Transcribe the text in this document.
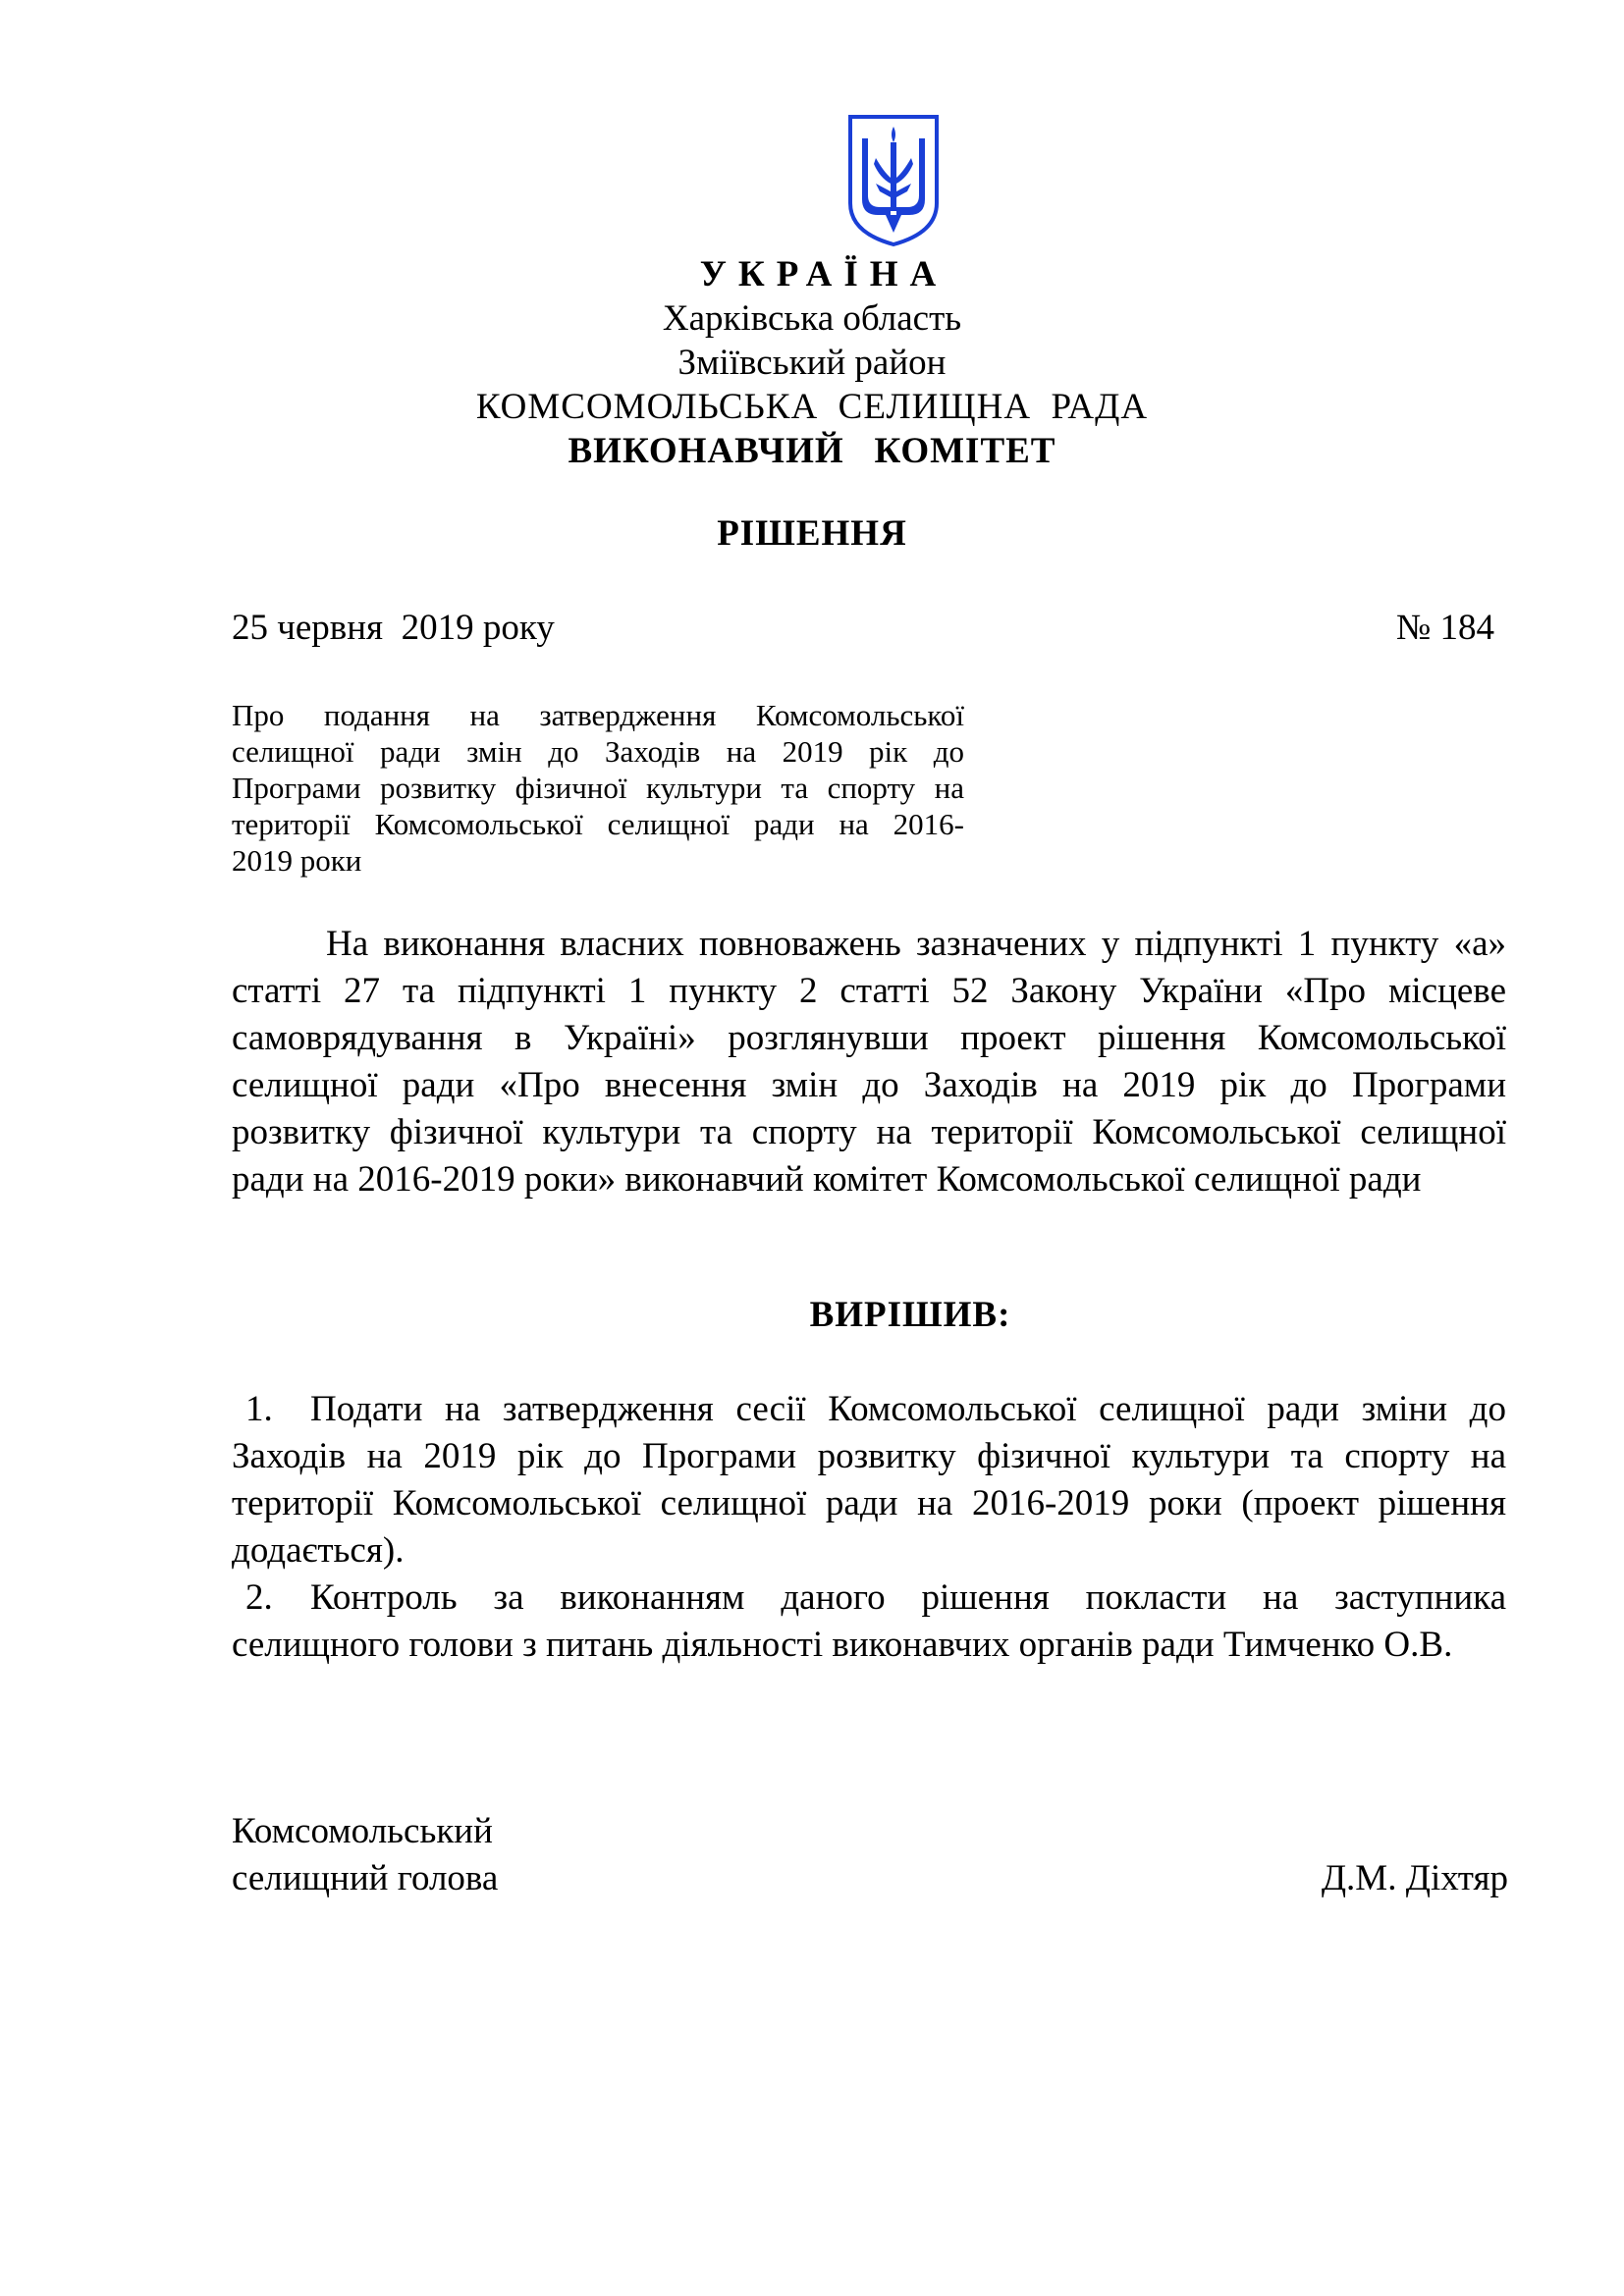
УКРАЇНА
Харківська область
Зміївський район
КОМСОМОЛЬСЬКА  СЕЛИЩНА  РАДА
ВИКОНАВЧИЙ   КОМІТЕТ
РІШЕННЯ
25 червня  2019 року	№ 184
Про подання на затвердження Комсомольської
селищної ради змін до Заходів на 2019 рік до
Програми розвитку фізичної культури та спорту на
території Комсомольської селищної ради на 2016-
2019 роки
На виконання власних повноважень зазначених у підпункті 1 пункту «а»
статті 27 та підпункті 1 пункту 2 статті 52 Закону України «Про місцеве
самоврядування в Україні» розглянувши проект рішення Комсомольської
селищної ради «Про внесення змін до Заходів на 2019 рік до Програми
розвитку фізичної культури та спорту на території Комсомольської селищної
ради на 2016-2019 роки» виконавчий комітет Комсомольської селищної ради
ВИРІШИВ:
1. Подати на затвердження сесії Комсомольської селищної ради зміни до
Заходів на 2019 рік до Програми розвитку фізичної культури та спорту на
території Комсомольської селищної ради на 2016-2019 роки (проект рішення
додається).
2. Контроль за виконанням даного рішення покласти на заступника
селищного голови з питань діяльності виконавчих органів ради Тимченко О.В.
Комсомольський
селищний голова	Д.М. Діхтяр
